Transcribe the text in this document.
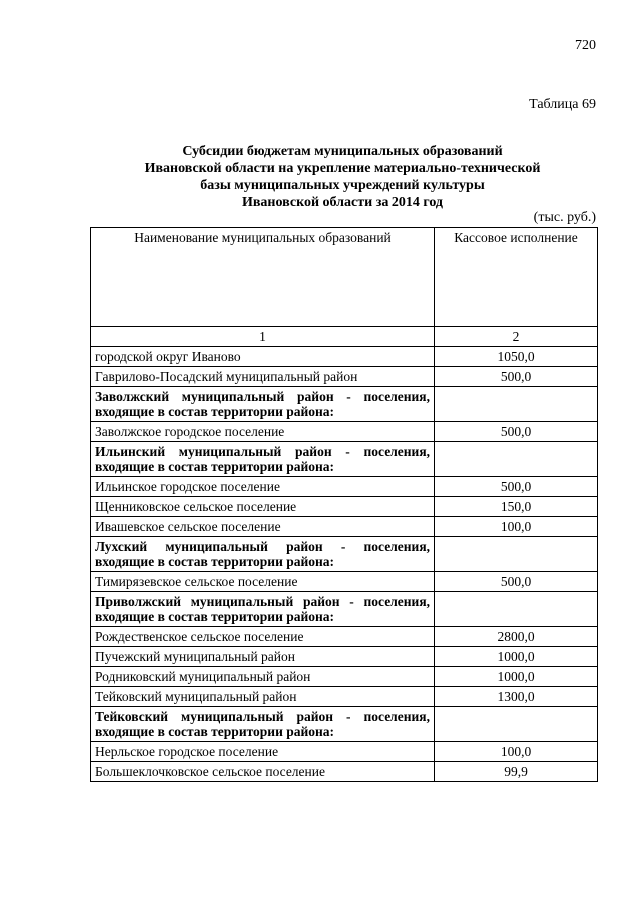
720
Таблица 69
Субсидии бюджетам муниципальных образований
Ивановской области на укрепление материально-технической
базы муниципальных учреждений культуры
Ивановской области за 2014 год
(тыс. руб.)
Наименование муниципальных образований	Кассовое исполнение
1	2
городской округ Иваново	1050,0
Гаврилово-Посадский муниципальный район	500,0
Заволжский муниципальный район - поселения, входящие в состав территории района:	
Заволжское городское поселение	500,0
Ильинский муниципальный район - поселения, входящие в состав территории района:	
Ильинское городское поселение	500,0
Щенниковское сельское поселение	150,0
Ивашевское сельское поселение	100,0
Лухский муниципальный район - поселения, входящие в состав территории района:	
Тимирязевское сельское поселение	500,0
Приволжский муниципальный район - поселения, входящие в состав территории района:	
Рождественское сельское поселение	2800,0
Пучежский муниципальный район	1000,0
Родниковский муниципальный район	1000,0
Тейковский муниципальный район	1300,0
Тейковский муниципальный район - поселения, входящие в состав территории района:	
Нерльское городское поселение	100,0
Большеклочковское сельское поселение	99,9
